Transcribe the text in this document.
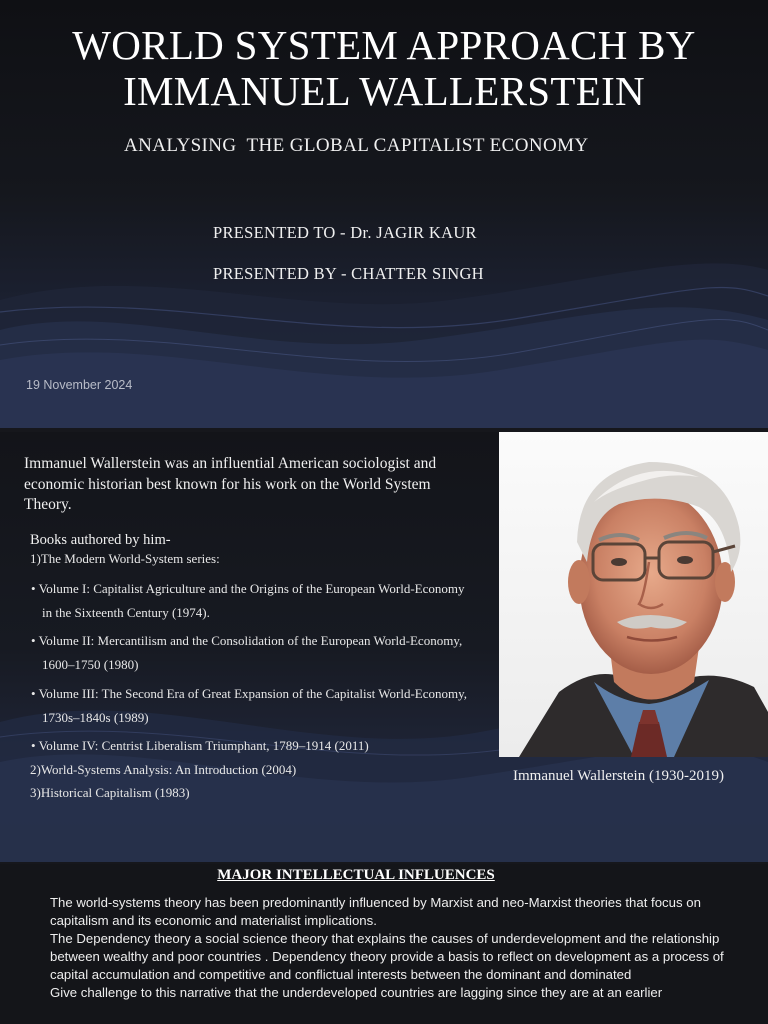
WORLD SYSTEM APPROACH BY
IMMANUEL WALLERSTEIN
ANALYSING  THE GLOBAL CAPITALIST ECONOMY
PRESENTED TO - Dr. JAGIR KAUR
PRESENTED BY - CHATTER SINGH
19 November 2024
Immanuel Wallerstein was an influential American sociologist and economic historian best known for his work on the World System Theory.
Books authored by him-
1)The Modern World-System series:
• Volume I: Capitalist Agriculture and the Origins of the European World-Economy in the Sixteenth Century (1974).
• Volume II: Mercantilism and the Consolidation of the European World-Economy, 1600–1750 (1980)
• Volume III: The Second Era of Great Expansion of the Capitalist World-Economy, 1730s–1840s (1989)
• Volume IV: Centrist Liberalism Triumphant, 1789–1914 (2011)
2)World-Systems Analysis: An Introduction (2004)
3)Historical Capitalism (1983)
Immanuel Wallerstein (1930-2019)
MAJOR INTELLECTUAL INFLUENCES

The world-systems theory has been predominantly influenced by Marxist and neo-Marxist theories that focus on capitalism and its economic and materialist implications.

The Dependency theory a social science theory that explains the causes of underdevelopment and the relationship between wealthy and poor countries . Dependency theory provide a basis to reflect on development as a process of capital accumulation and competitive and conflictual interests between the dominant and dominated

Give challenge to this narrative that the underdeveloped countries are lagging since they are at an earlier
